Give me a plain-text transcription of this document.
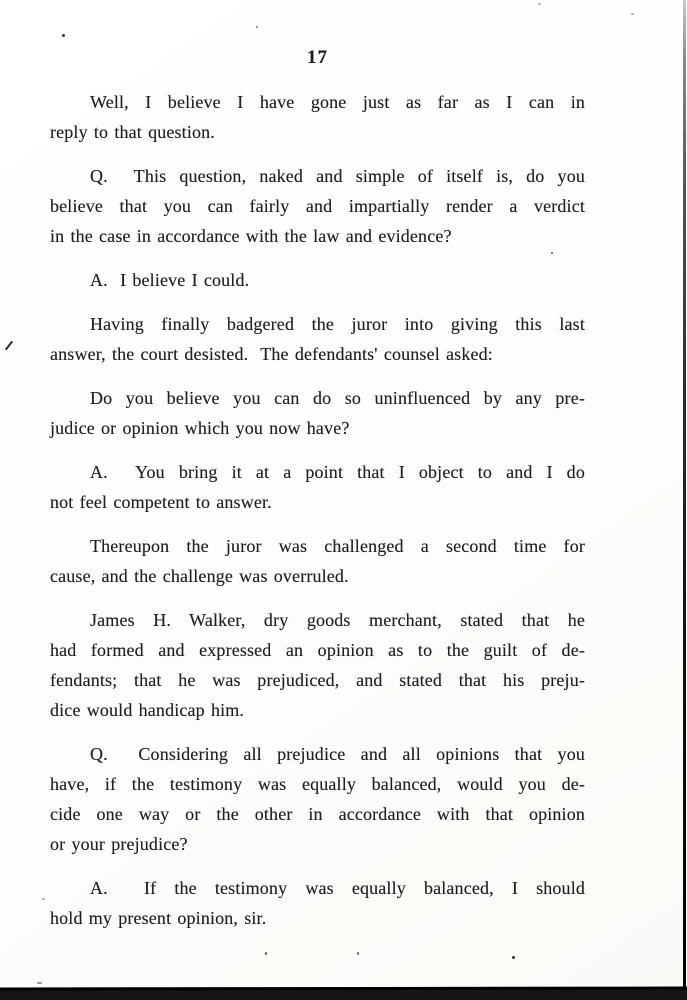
17
Well, I believe I have gone just as far as I can in
reply to that question.
Q.  This question, naked and simple of itself is, do you
believe that you can fairly and impartially render a verdict
in the case in accordance with the law and evidence?
A.  I believe I could.
Having finally badgered the juror into giving this last
answer, the court desisted.  The defendants' counsel asked:
Do you believe you can do so uninfluenced by any pre-
judice or opinion which you now have?
A.  You bring it at a point that I object to and I do
not feel competent to answer.
Thereupon the juror was challenged a second time for
cause, and the challenge was overruled.
James H. Walker, dry goods merchant, stated that he
had formed and expressed an opinion as to the guilt of de-
fendants; that he was prejudiced, and stated that his preju-
dice would handicap him.
Q.  Considering all prejudice and all opinions that you
have, if the testimony was equally balanced, would you de-
cide one way or the other in accordance with that opinion
or your prejudice?
A.  If the testimony was equally balanced, I should
hold my present opinion, sir.
